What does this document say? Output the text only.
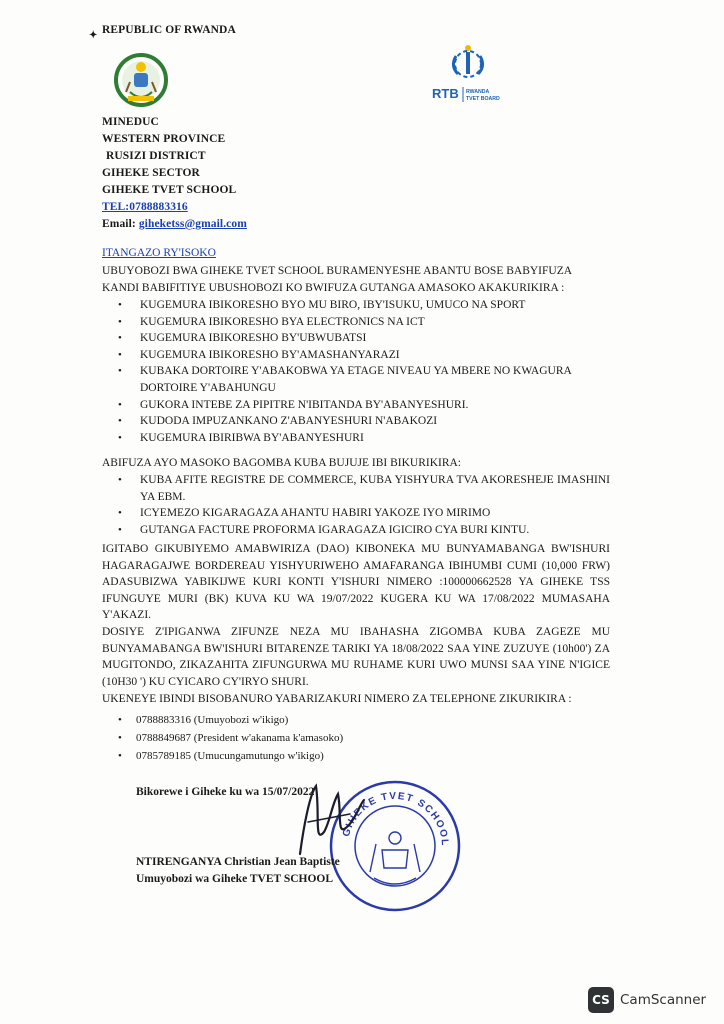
✦ REPUBLIC OF RWANDA
RTB RWANDA
TVET BOARD
MINEDUC
WESTERN PROVINCE
RUSIZI DISTRICT
GIHEKE SECTOR
GIHEKE TVET SCHOOL
TEL:0788883316
Email: giheketss@gmail.com
ITANGAZO RY'ISOKO
UBUYOBOZI BWA GIHEKE TVET SCHOOL BURAMENYESHE ABANTU BOSE BABYIFUZA
KANDI BABIFITIYE UBUSHOBOZI KO BWIFUZA GUTANGA AMASOKO AKAKURIKIRA :
• KUGEMURA IBIKORESHO BYO MU BIRO, IBY'ISUKU, UMUCO NA SPORT
• KUGEMURA IBIKORESHO BYA ELECTRONICS NA ICT
• KUGEMURA IBIKORESHO BY'UBWUBATSI
• KUGEMURA IBIKORESHO BY'AMASHANYARAZI
• KUBAKA DORTOIRE Y'ABAKOBWA YA ETAGE NIVEAU YA MBERE NO KWAGURA DORTOIRE Y'ABAHUNGU
• GUKORA INTEBE ZA PIPITRE N'IBITANDA BY'ABANYESHURI.
• KUDODA IMPUZANKANO Z'ABANYESHURI N'ABAKOZI
• KUGEMURA IBIRIBWA BY'ABANYESHURI
ABIFUZA AYO MASOKO BAGOMBA KUBA BUJUJE IBI BIKURIKIRA:
• KUBA AFITE REGISTRE DE COMMERCE, KUBA YISHYURA TVA AKORESHEJE IMASHINI YA EBM.
• ICYEMEZO KIGARAGAZA AHANTU HABIRI YAKOZE IYO MIRIMO
• GUTANGA FACTURE PROFORMA IGARAGAZA IGICIRO CYA BURI KINTU.
IGITABO GIKUBIYEMO AMABWIRIZA (DAO) KIBONEKA MU BUNYAMABANGA BW'ISHURI HAGARAGAJWE BORDEREAU YISHYURIWEHO AMAFARANGA IBIHUMBI CUMI (10,000 FRW) ADASUBIZWA YABIKIJWE KURI KONTI Y'ISHURI NIMERO :100000662528 YA GIHEKE TSS IFUNGUYE MURI (BK) KUVA KU WA 19/07/2022 KUGERA KU WA 17/08/2022 MUMASAHA Y'AKAZI.
DOSIYE Z'IPIGANWA ZIFUNZE NEZA MU IBAHASHA ZIGOMBA KUBA ZAGEZE MU BUNYAMABANGA BW'ISHURI BITARENZE TARIKI YA 18/08/2022 SAA YINE ZUZUYE (10h00') ZA MUGITONDO, ZIKAZAHITA ZIFUNGURWA MU RUHAME KURI UWO MUNSI SAA YINE N'IGICE (10H30 ') KU CYICARO CY'IRYO SHURI.
UKENEYE IBINDI BISOBANURO YABARIZAKURI NIMERO ZA TELEPHONE ZIKURIKIRA :
• 0788883316 (Umuyobozi w'ikigo)
• 0788849687 (President w'akanama k'amasoko)
• 0785789185 (Umucungamutungo w'ikigo)
Bikorewe i Giheke ku wa 15/07/2022
GIHEKE TVET SCHOOL
NTIRENGANYA Christian Jean Baptiste
Umuyobozi wa Giheke TVET SCHOOL
CS CamScanner
